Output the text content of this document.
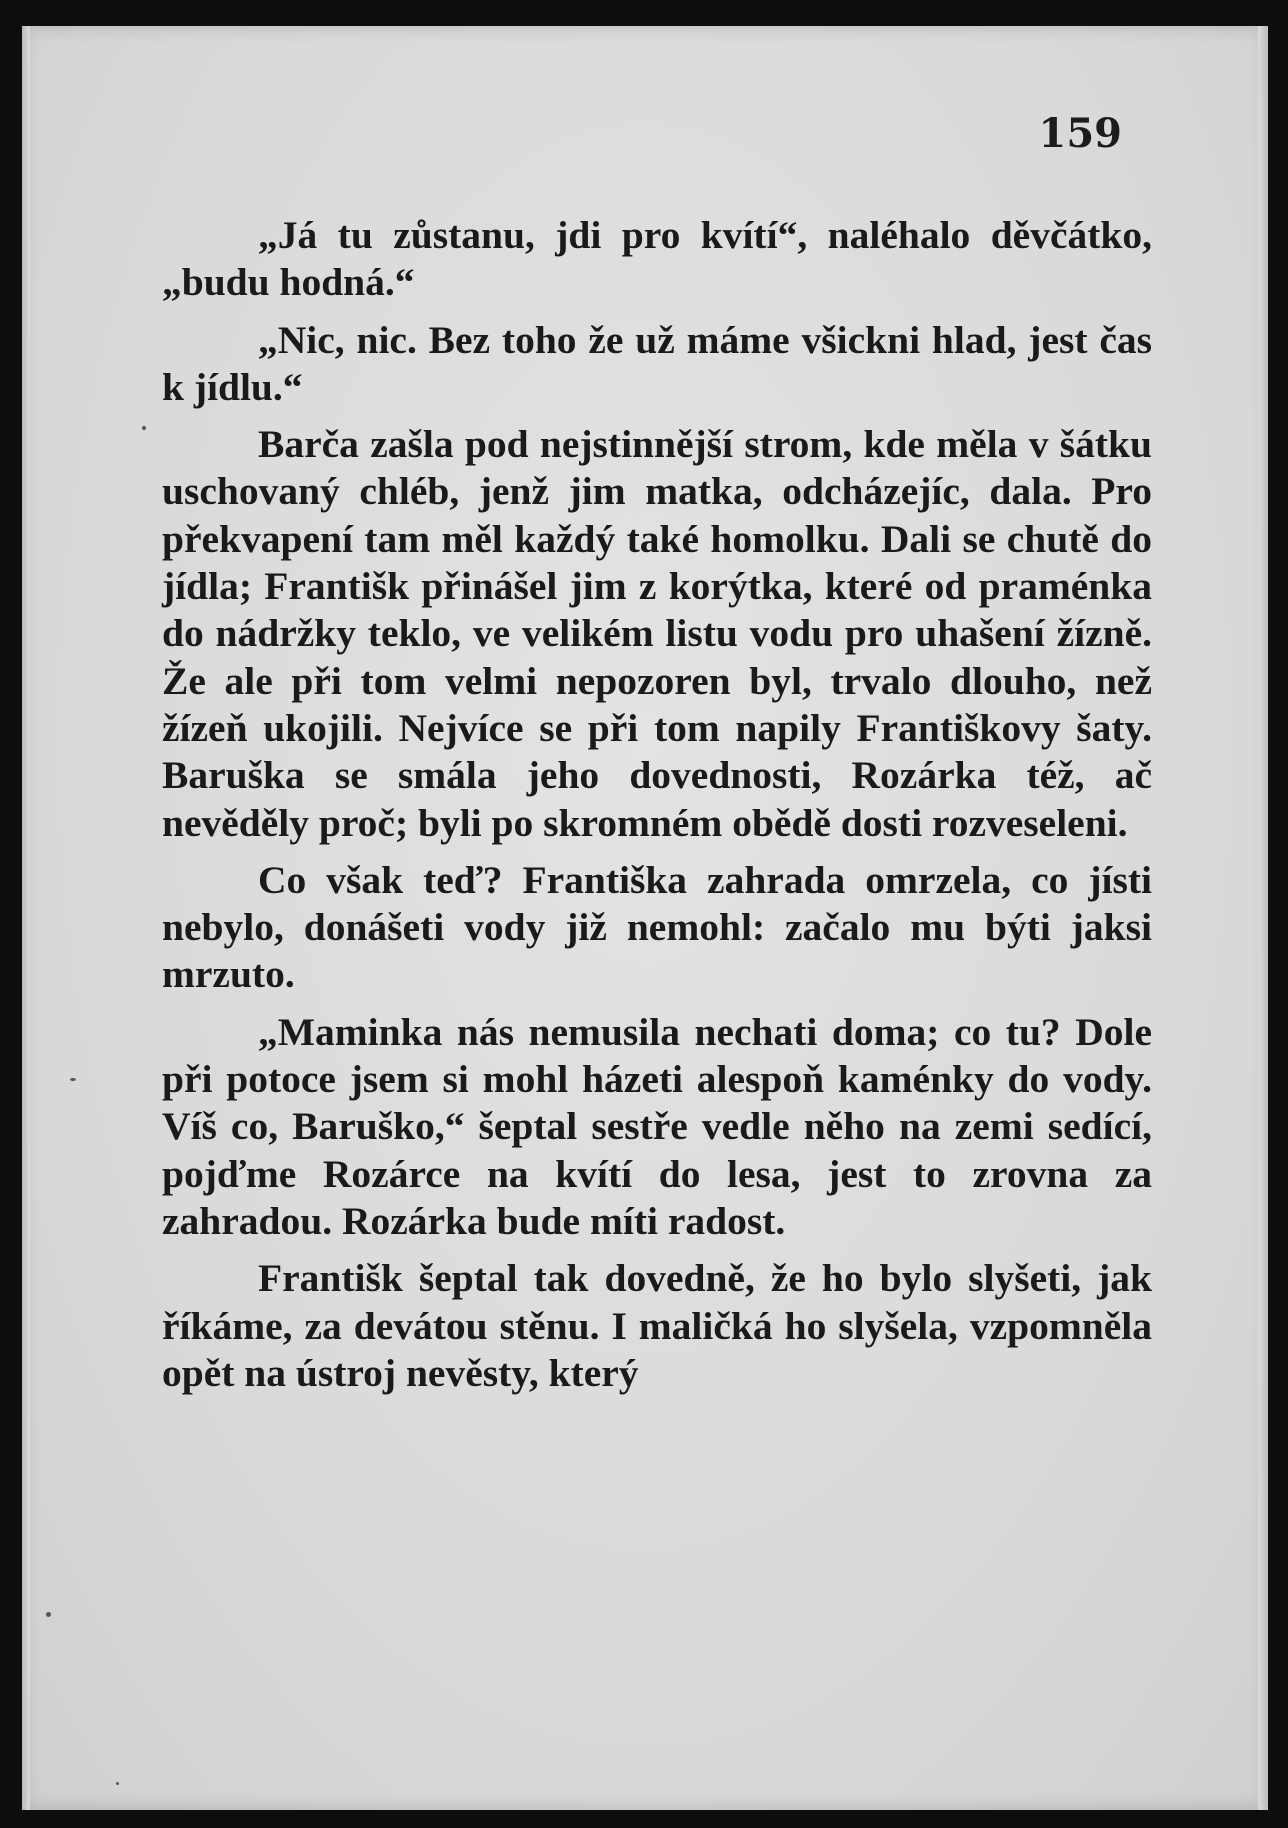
159

„Já tu zůstanu, jdi pro kvítí“, naléhalo děvčátko, „budu hodná.“

„Nic, nic. Bez toho že už máme všickni hlad, jest čas k jídlu.“

Barča zašla pod nejstinnější strom, kde měla v šátku uschovaný chléb, jenž jim matka, odcházejíc, dala. Pro překvapení tam měl každý také homolku. Dali se chutě do jídla; Františk přinášel jim z korýtka, které od praménka do nádržky teklo, ve velikém listu vodu pro uhašení žízně. Že ale při tom velmi nepozoren byl, trvalo dlouho, než žízeň ukojili. Nejvíce se při tom napily Františkovy šaty. Baruška se smála jeho dovednosti, Rozárka též, ač nevěděly proč; byli po skromném obědě dosti rozveseleni.

Co však teď? Františka zahrada omrzela, co jísti nebylo, donášeti vody již nemohl: začalo mu býti jaksi mrzuto.

„Maminka nás nemusila nechati doma; co tu? Dole při potoce jsem si mohl házeti alespoň kaménky do vody. Víš co, Baruško,“ šeptal sestře vedle něho na zemi sedící, pojďme Rozárce na kvítí do lesa, jest to zrovna za zahradou. Rozárka bude míti radost.

Františk šeptal tak dovedně, že ho bylo slyšeti, jak říkáme, za devátou stěnu. I maličká ho slyšela, vzpomněla opět na ústroj nevěsty, který
